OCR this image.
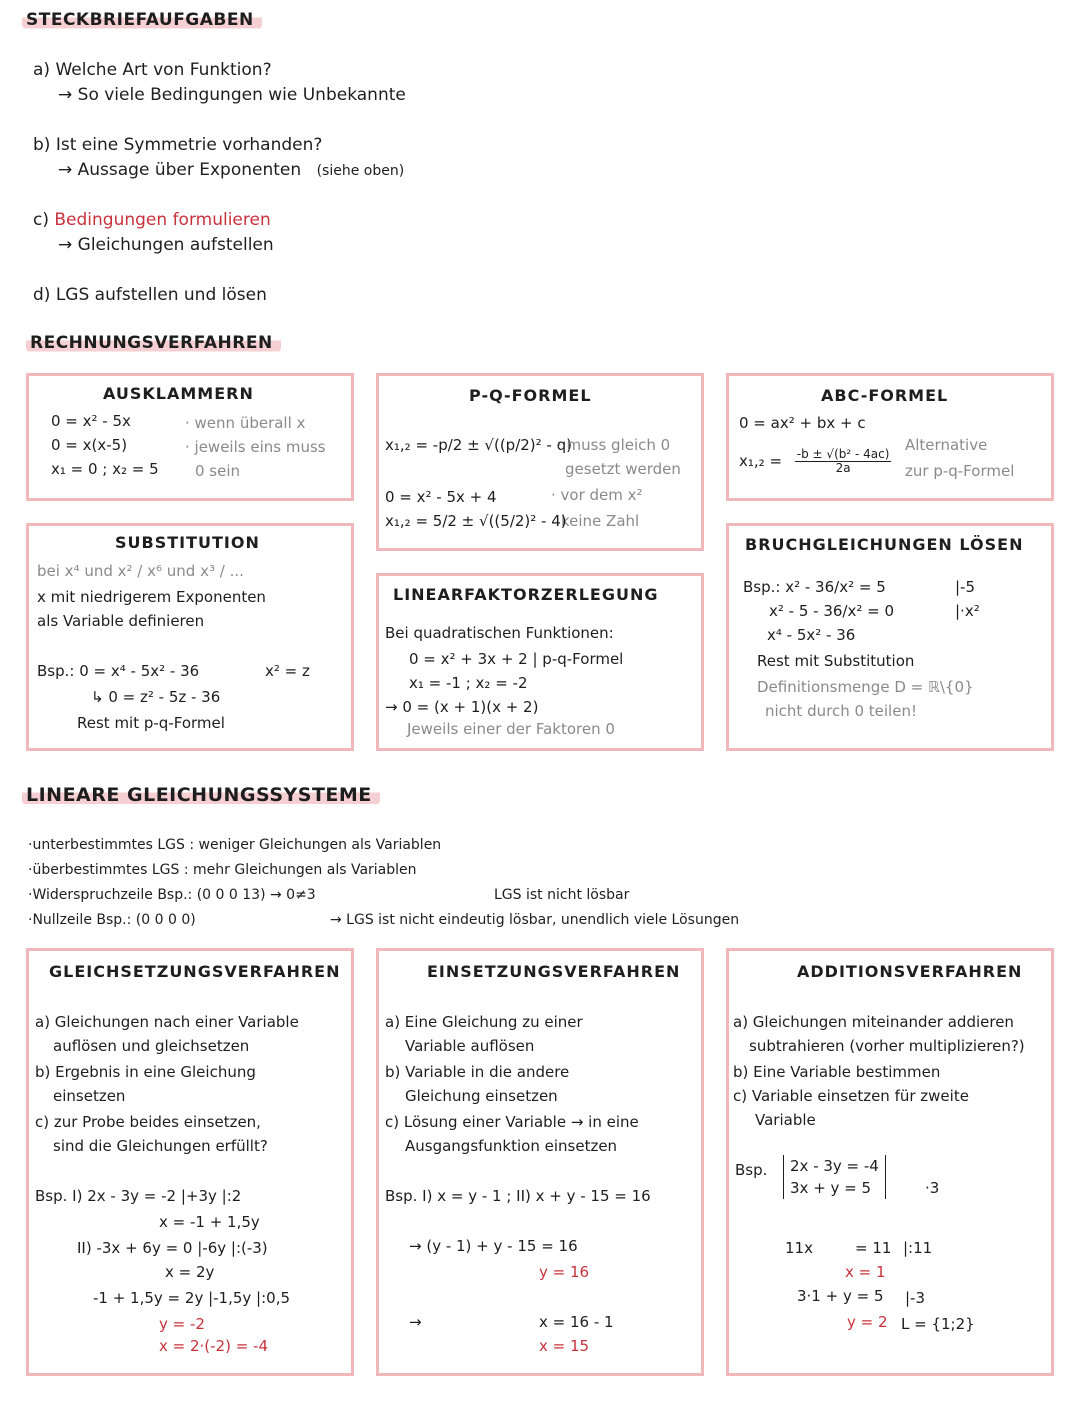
STECKBRIEFAUFGABEN
a) Welche Art von Funktion?
→ So viele Bedingungen wie Unbekannte
b) Ist eine Symmetrie vorhanden?
→ Aussage über Exponenten (siehe oben)
c) Bedingungen formulieren
→ Gleichungen aufstellen
d) LGS aufstellen und lösen
RECHNUNGSVERFAHREN
AUSKLAMMERN
0 = x² - 5x
0 = x(x-5)
x₁ = 0 ; x₂ = 5
· wenn überall x
· jeweils eins muss
0 sein
P-Q-FORMEL
x₁,₂ = -p/2 ± √((p/2)² - q)
· muss gleich 0
gesetzt werden
· vor dem x²
keine Zahl
0 = x² - 5x + 4
x₁,₂ = 5/2 ± √((5/2)² - 4)
ABC-FORMEL
0 = ax² + bx + c
$x_1,_2 = \frac{\text{-b ± √(b² - 4ac)}}{2a}$
Alternative
zur p-q-Formel
SUBSTITUTION
bei x⁴ und x² / x⁶ und x³ / ...
x mit niedrigerem Exponenten
als Variable definieren
Bsp.: 0 = x⁴ - 5x² - 36	x² = z
↳ 0 = z² - 5z - 36
Rest mit p-q-Formel
LINEARFAKTORZERLEGUNG
Bei quadratischen Funktionen:
0 = x² + 3x + 2 | p-q-Formel
x₁ = -1 ; x₂ = -2
→ 0 = (x + 1)(x + 2)
Jeweils einer der Faktoren 0
BRUCHGLEICHUNGEN LÖSEN
Bsp.: x² - 36/x² = 5	|-5
x² - 5 - 36/x² = 0	|·x²
x⁴ - 5x² - 36
Rest mit Substitution
Definitionsmenge D = ℝ\{0}
nicht durch 0 teilen!
LINEARE GLEICHUNGSSYSTEME
·unterbestimmtes LGS : weniger Gleichungen als Variablen
·überbestimmtes LGS : mehr Gleichungen als Variablen
·Widerspruchzeile Bsp.: (0 0 0 13) → 0≠3	LGS ist nicht lösbar
·Nullzeile Bsp.: (0 0 0 0)	→ LGS ist nicht eindeutig lösbar, unendlich viele Lösungen
GLEICHSETZUNGSVERFAHREN
a) Gleichungen nach einer Variable
auflösen und gleichsetzen
b) Ergebnis in eine Gleichung
einsetzen
c) zur Probe beides einsetzen,
sind die Gleichungen erfüllt?
Bsp. I) 2x - 3y = -2 |+3y |:2
x = -1 + 1,5y
II) -3x + 6y = 0 |-6y |:(-3)
x = 2y
-1 + 1,5y = 2y |-1,5y |:0,5
y = -2
x = 2·(-2) = -4
EINSETZUNGSVERFAHREN
a) Eine Gleichung zu einer
Variable auflösen
b) Variable in die andere
Gleichung einsetzen
c) Lösung einer Variable → in eine
Ausgangsfunktion einsetzen
Bsp. I) x = y - 1 ; II) x + y - 15 = 16
→ (y - 1) + y - 15 = 16
y = 16
→	x = 16 - 1
x = 15
ADDITIONSVERFAHREN
a) Gleichungen miteinander addieren
subtrahieren (vorher multiplizieren?)
b) Eine Variable bestimmen
c) Variable einsetzen für zweite
Variable
Bsp. 2x - 3y = -4
3x + y = 5	·3
11x	= 11 |:11
x = 1
3·1 + y = 5 |-3
y = 2 L = {1;2}
